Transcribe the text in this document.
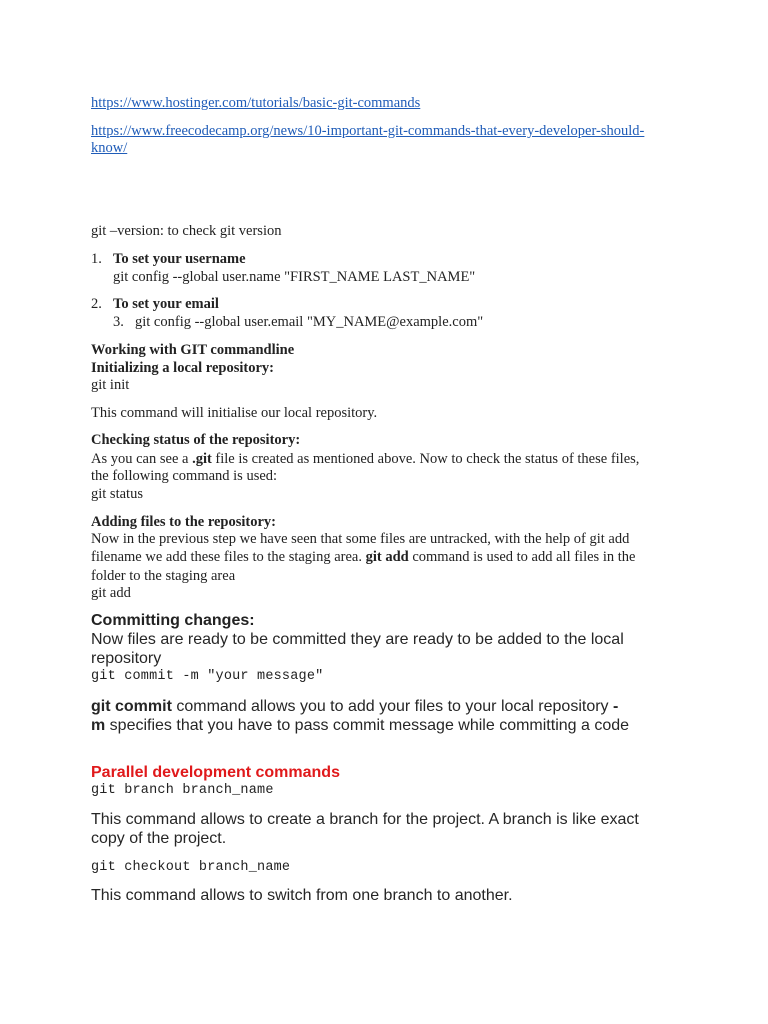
https://www.hostinger.com/tutorials/basic-git-commands
https://www.freecodecamp.org/news/10-important-git-commands-that-every-developer-should-
know/
git –version: to check git version
1. To set your username
git config --global user.name "FIRST_NAME LAST_NAME"
2. To set your email
3. git config --global user.email "MY_NAME@example.com"
Working with GIT commandline
Initializing a local repository:
git init
This command will initialise our local repository.
Checking status of the repository:
As you can see a .git file is created as mentioned above. Now to check the status of these files,
the following command is used:
git status
Adding files to the repository:
Now in the previous step we have seen that some files are untracked, with the help of git add
filename we add these files to the staging area. git add command is used to add all files in the
folder to the staging area
git add
Committing changes:
Now files are ready to be committed they are ready to be added to the local
repository
git commit -m "your message"
git commit command allows you to add your files to your local repository -
m specifies that you have to pass commit message while committing a code
Parallel development commands
git branch branch_name
This command allows to create a branch for the project. A branch is like exact
copy of the project.
git checkout branch_name
This command allows to switch from one branch to another.
